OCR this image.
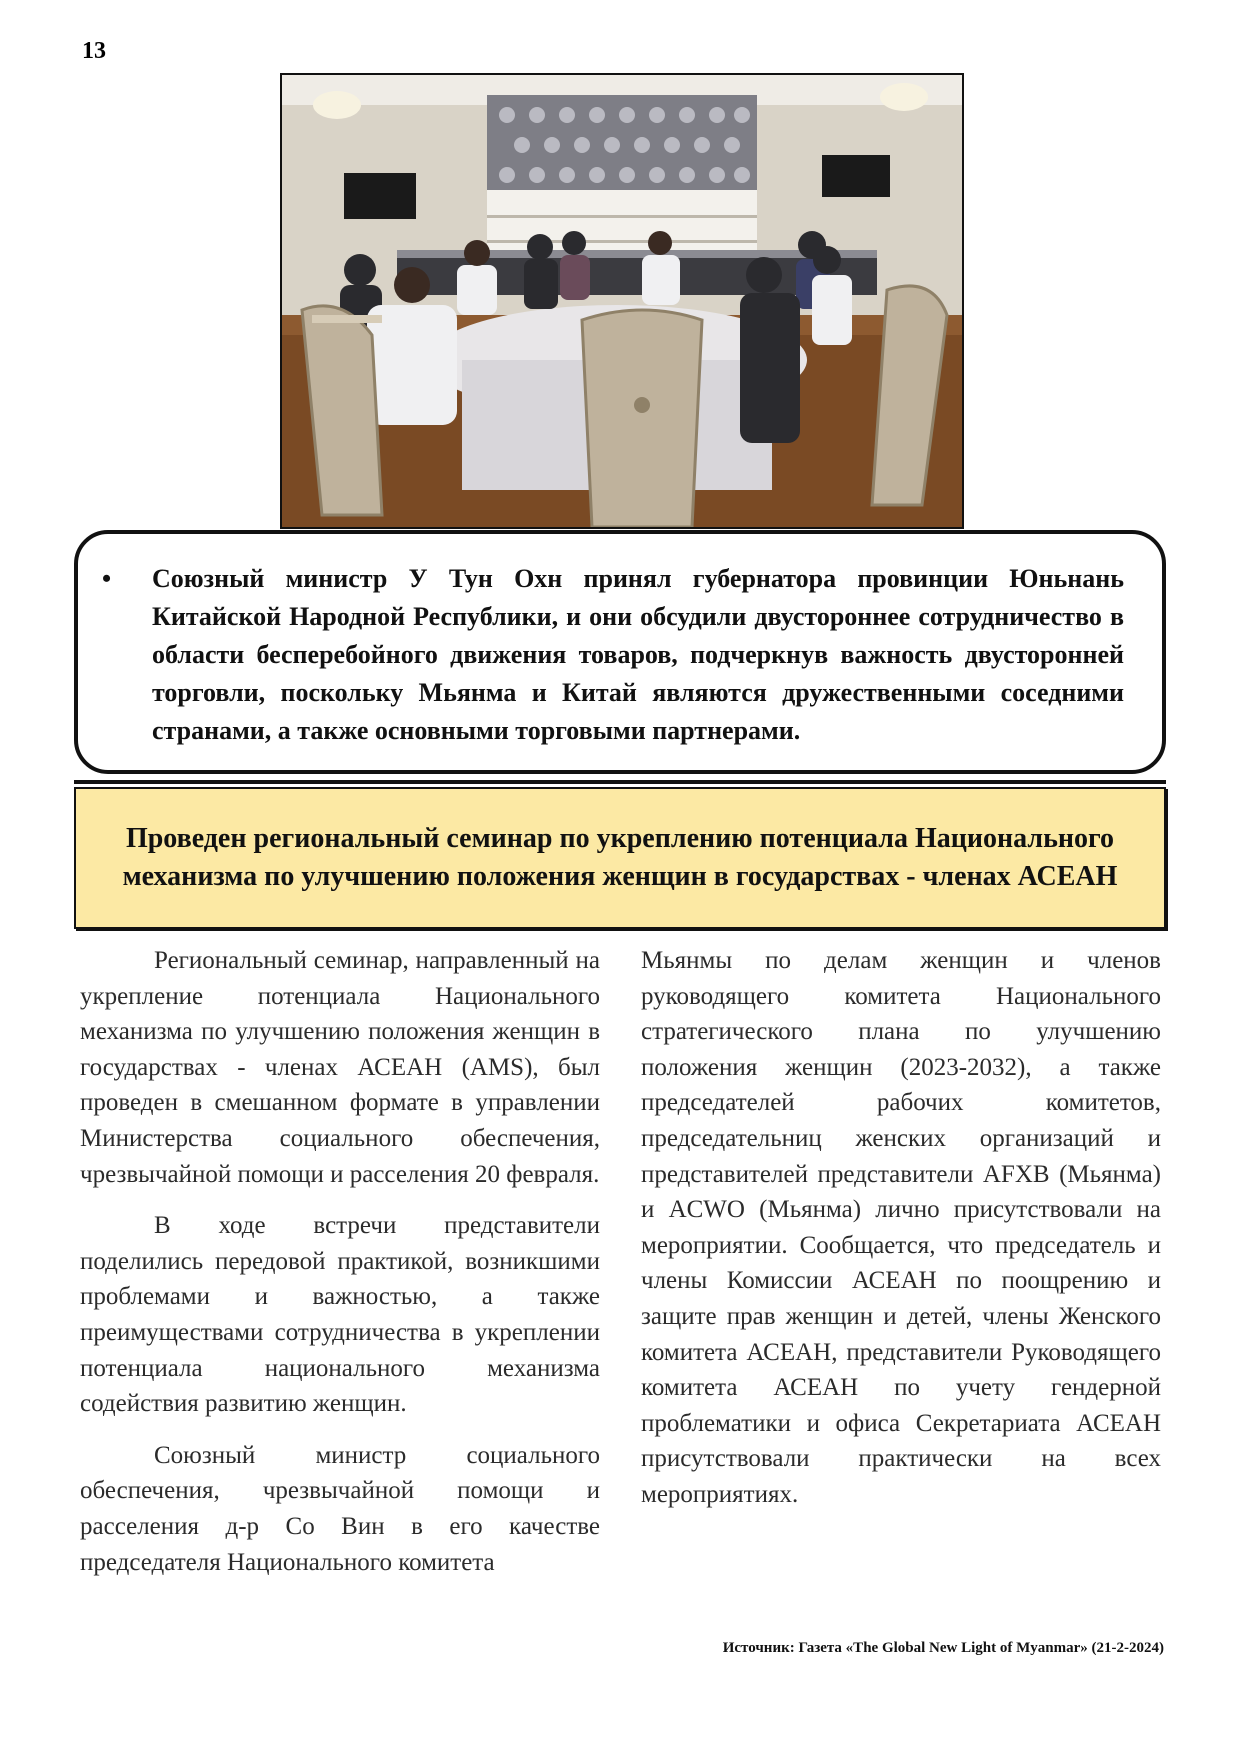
13
• Союзный министр У Тун Охн принял губернатора провинции Юньнань Китайской Народной Республики, и они обсудили двустороннее сотрудничество в области бесперебойного движения товаров, подчеркнув важность двусторонней торговли, поскольку Мьянма и Китай являются дружественными соседними странами, а также основными торговыми партнерами.
Проведен региональный семинар по укреплению потенциала Национального механизма по улучшению положения женщин в государствах - членах АСЕАН

Региональный семинар, направленный на укрепление потенциала Национального механизма по улучшению положения женщин в государствах - членах АСЕАН (AMS), был проведен в смешанном формате в управлении Министерства социального обеспечения, чрезвычайной помощи и расселения 20 февраля.

В ходе встречи представители поделились передовой практикой, возникшими проблемами и важностью, а также преимуществами сотрудничества в укреплении потенциала национального механизма содействия развитию женщин.

Союзный министр социального обеспечения, чрезвычайной помощи и расселения д-р Со Вин в его качестве председателя Национального комитета

Мьянмы по делам женщин и членов руководящего комитета Национального стратегического плана по улучшению положения женщин (2023-2032), а также председателей рабочих комитетов, председательниц женских организаций и представителей представители AFXB (Мьянма) и ACWO (Мьянма) лично присутствовали на мероприятии. Сообщается, что председатель и члены Комиссии АСЕАН по поощрению и защите прав женщин и детей, члены Женского комитета АСЕАН, представители Руководящего комитета АСЕАН по учету гендерной проблематики и офиса Секретариата АСЕАН присутствовали практически на всех мероприятиях.

Источник: Газета «The Global New Light of Myanmar» (21-2-2024)
